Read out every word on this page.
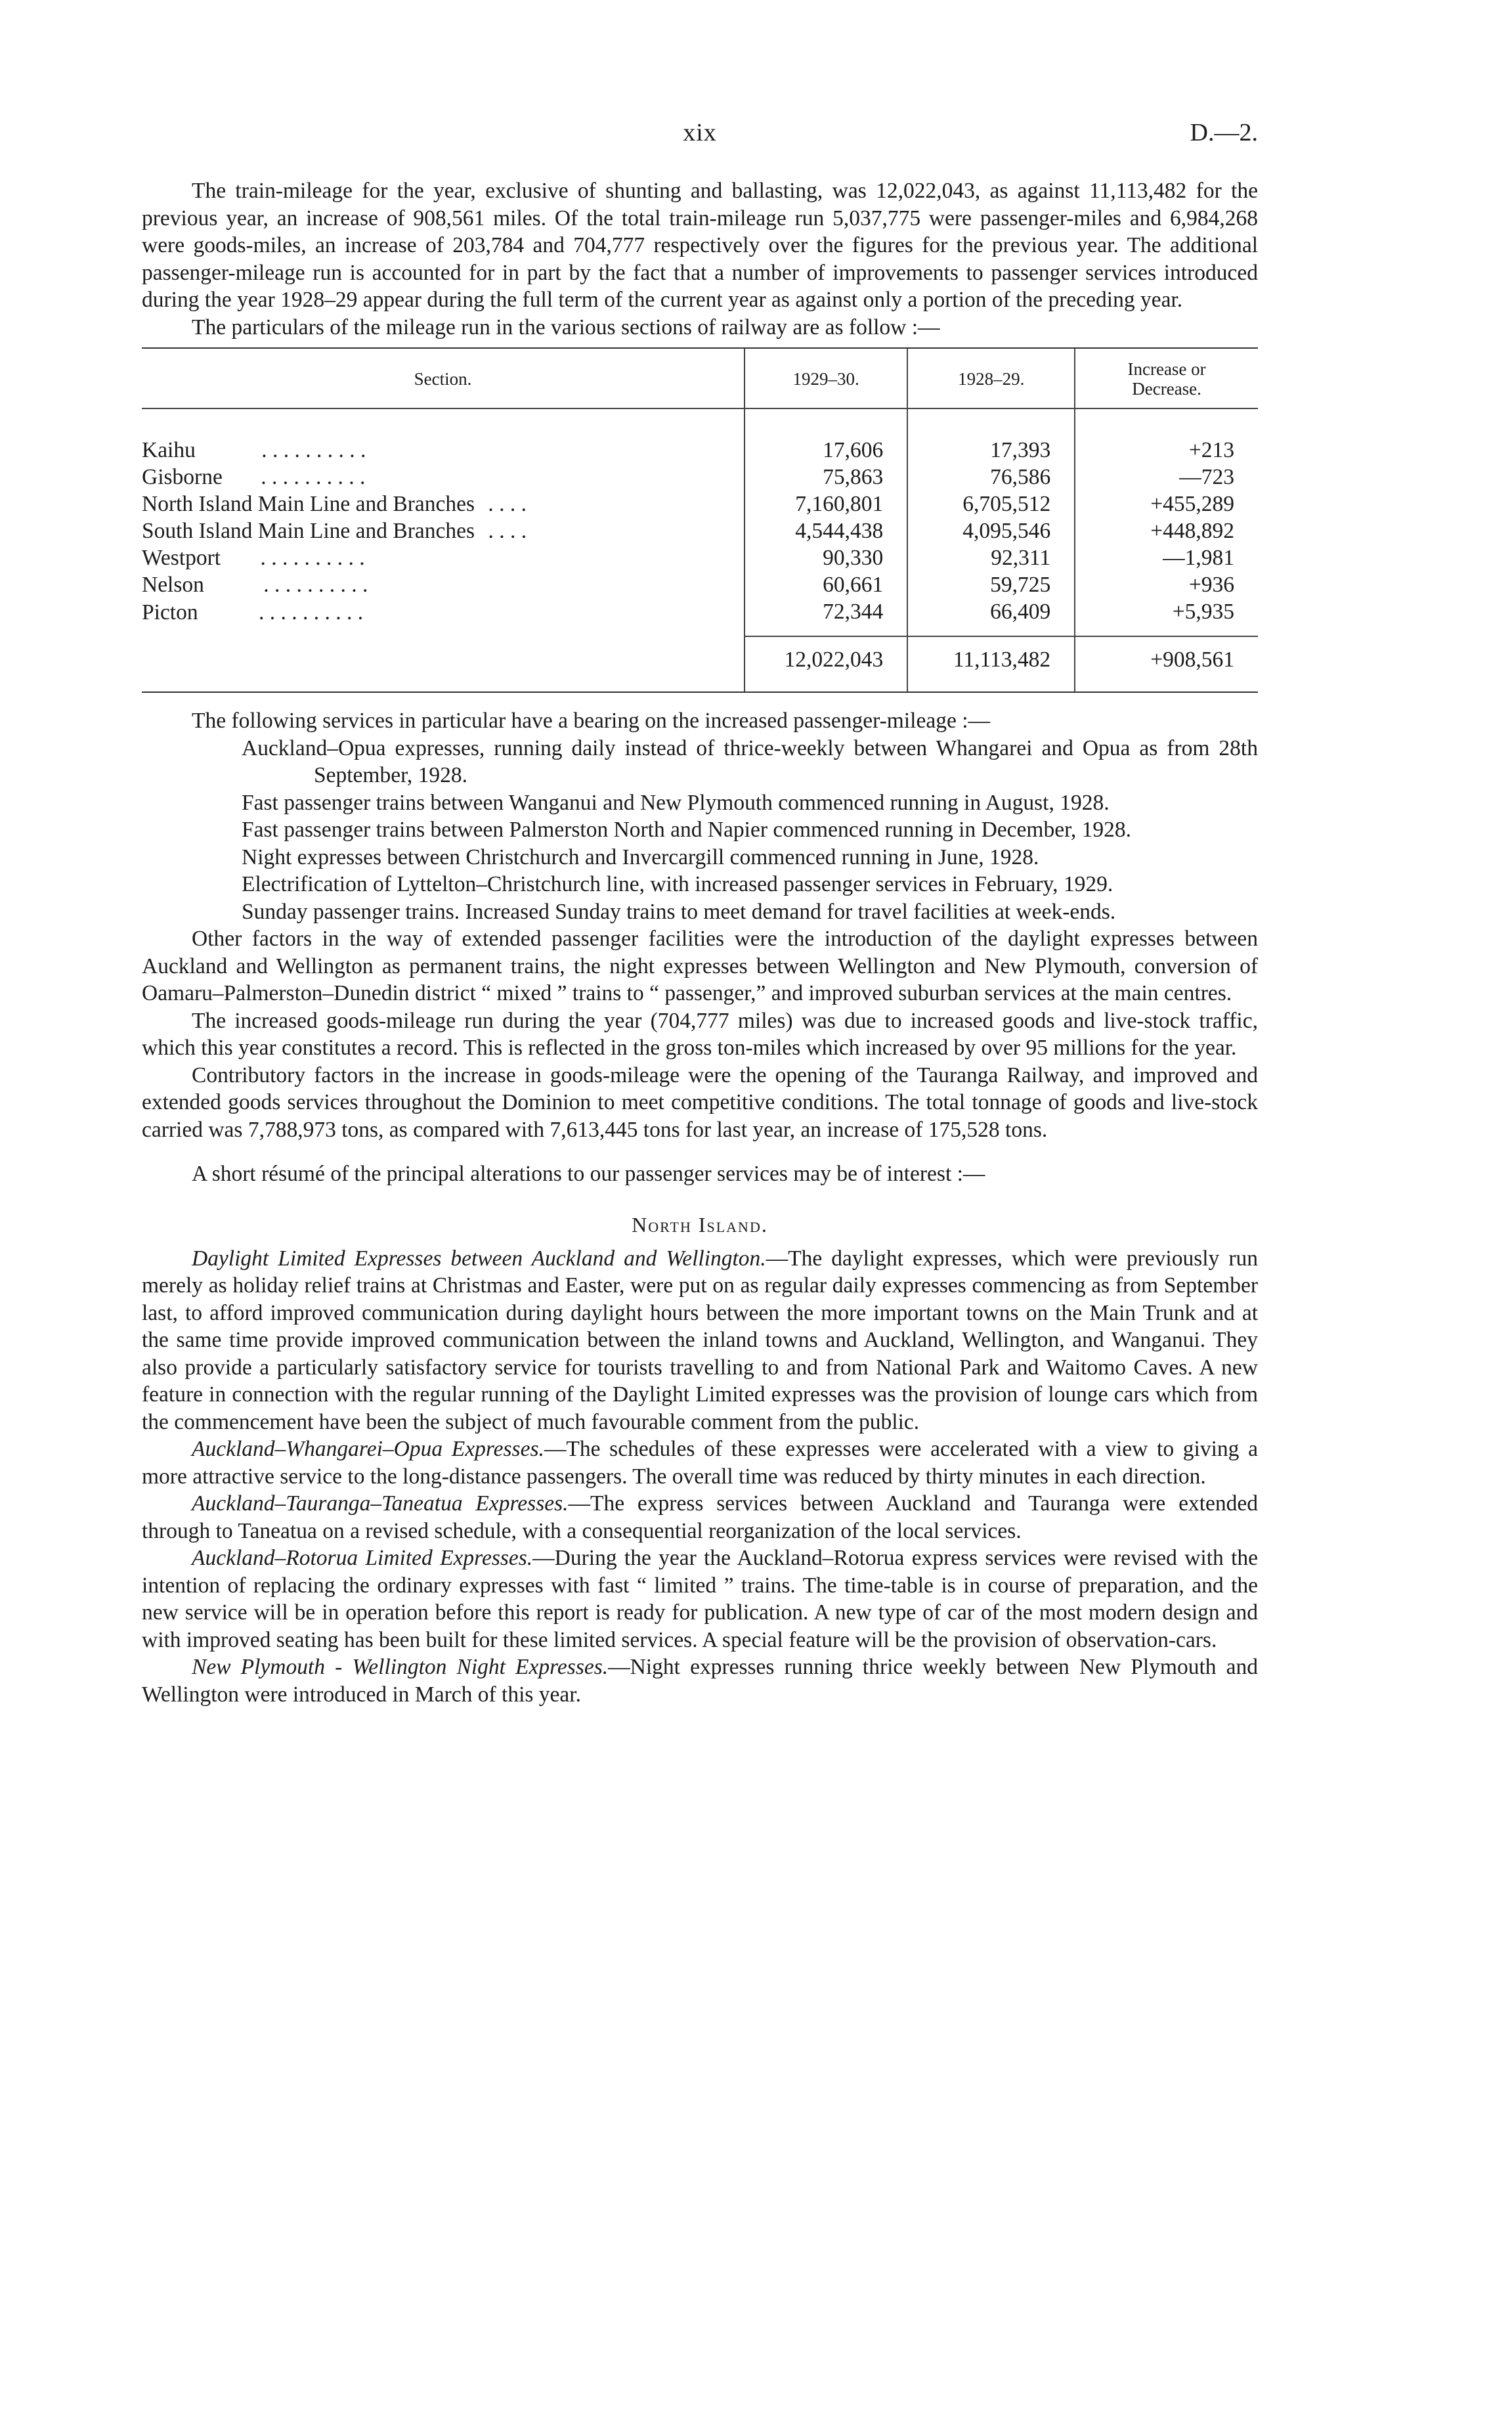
xix	D.—2.

The train-mileage for the year, exclusive of shunting and ballasting, was 12,022,043, as against 11,113,482 for the previous year, an increase of 908,561 miles. Of the total train-mileage run 5,037,775 were passenger-miles and 6,984,268 were goods-miles, an increase of 203,784 and 704,777 respectively over the figures for the previous year. The additional passenger-mileage run is accounted for in part by the fact that a number of improvements to passenger services introduced during the year 1928–29 appear during the full term of the current year as against only a portion of the preceding year.

The particulars of the mileage run in the various sections of railway are as follow :—

Section.	1929–30.	1928–29.	Increase or
Decrease.
Kaihu . . . . . . . . . .	17,606	17,393	+213
Gisborne . . . . . . . . . .	75,863	76,586	—723
North Island Main Line and Branches . . . .	7,160,801	6,705,512	+455,289
South Island Main Line and Branches . . . .	4,544,438	4,095,546	+448,892
Westport . . . . . . . . . .	90,330	92,311	—1,981
Nelson . . . . . . . . . .	60,661	59,725	+936
Picton . . . . . . . . . .	72,344	66,409	+5,935
	12,022,043	11,113,482	+908,561

The following services in particular have a bearing on the increased passenger-mileage :—

Auckland–Opua expresses, running daily instead of thrice-weekly between Whangarei and Opua as from 28th September, 1928.

Fast passenger trains between Wanganui and New Plymouth commenced running in August, 1928.

Fast passenger trains between Palmerston North and Napier commenced running in December, 1928.

Night expresses between Christchurch and Invercargill commenced running in June, 1928.

Electrification of Lyttelton–Christchurch line, with increased passenger services in February, 1929.

Sunday passenger trains. Increased Sunday trains to meet demand for travel facilities at week-ends.

Other factors in the way of extended passenger facilities were the introduction of the daylight expresses between Auckland and Wellington as permanent trains, the night expresses between Wellington and New Plymouth, conversion of Oamaru–Palmerston–Dunedin district “ mixed ” trains to “ passenger,” and improved suburban services at the main centres.

The increased goods-mileage run during the year (704,777 miles) was due to increased goods and live-stock traffic, which this year constitutes a record. This is reflected in the gross ton-miles which increased by over 95 millions for the year.

Contributory factors in the increase in goods-mileage were the opening of the Tauranga Railway, and improved and extended goods services throughout the Dominion to meet competitive conditions. The total tonnage of goods and live-stock carried was 7,788,973 tons, as compared with 7,613,445 tons for last year, an increase of 175,528 tons.

A short résumé of the principal alterations to our passenger services may be of interest :—

North Island.

Daylight Limited Expresses between Auckland and Wellington.—The daylight expresses, which were previously run merely as holiday relief trains at Christmas and Easter, were put on as regular daily expresses commencing as from September last, to afford improved communication during daylight hours between the more important towns on the Main Trunk and at the same time provide improved communication between the inland towns and Auckland, Wellington, and Wanganui. They also provide a particularly satisfactory service for tourists travelling to and from National Park and Waitomo Caves. A new feature in connection with the regular running of the Daylight Limited expresses was the provision of lounge cars which from the commencement have been the subject of much favourable comment from the public.

Auckland–Whangarei–Opua Expresses.—The schedules of these expresses were accelerated with a view to giving a more attractive service to the long-distance passengers. The overall time was reduced by thirty minutes in each direction.

Auckland–Tauranga–Taneatua Expresses.—The express services between Auckland and Tauranga were extended through to Taneatua on a revised schedule, with a consequential reorganization of the local services.

Auckland–Rotorua Limited Expresses.—During the year the Auckland–Rotorua express services were revised with the intention of replacing the ordinary expresses with fast “ limited ” trains. The time-table is in course of preparation, and the new service will be in operation before this report is ready for publication. A new type of car of the most modern design and with improved seating has been built for these limited services. A special feature will be the provision of observation-cars.

New Plymouth - Wellington Night Expresses.—Night expresses running thrice weekly between New Plymouth and Wellington were introduced in March of this year.
